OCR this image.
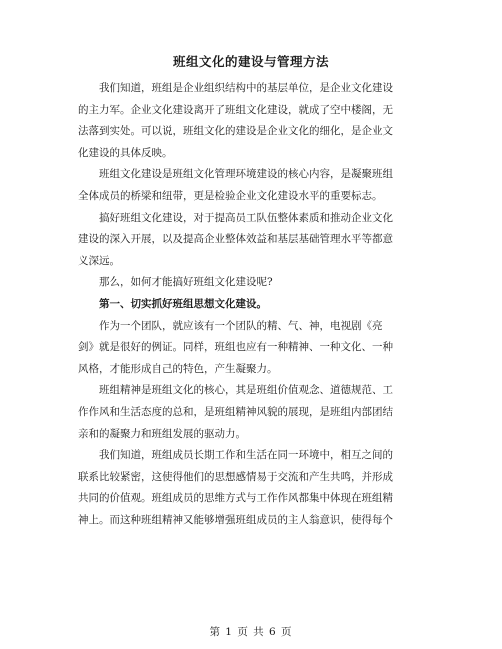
班组文化的建设与管理方法
我们知道，班组是企业组织结构中的基层单位，是企业文化建设
的主力军。企业文化建设离开了班组文化建设，就成了空中楼阁，无
法落到实处。可以说，班组文化的建设是企业文化的细化，是企业文
化建设的具体反映。
班组文化建设是班组文化管理环境建设的核心内容，是凝聚班组
全体成员的桥梁和纽带，更是检验企业文化建设水平的重要标志。
搞好班组文化建设，对于提高员工队伍整体素质和推动企业文化
建设的深入开展，以及提高企业整体效益和基层基础管理水平等都意
义深远。
那么，如何才能搞好班组文化建设呢?
第一、切实抓好班组思想文化建设。
作为一个团队，就应该有一个团队的精、气、神，电视剧《亮
剑》就是很好的例证。同样，班组也应有一种精神、一种文化、一种
风格，才能形成自己的特色，产生凝聚力。
班组精神是班组文化的核心，其是班组价值观念、道德规范、工
作作风和生活态度的总和，是班组精神风貌的展现，是班组内部团结
亲和的凝聚力和班组发展的驱动力。
我们知道，班组成员长期工作和生活在同一环境中，相互之间的
联系比较紧密，这使得他们的思想感情易于交流和产生共鸣，并形成
共同的价值观。班组成员的思维方式与工作作风都集中体现在班组精
神上。而这种班组精神又能够增强班组成员的主人翁意识，使得每个
第 1 页 共 6 页
